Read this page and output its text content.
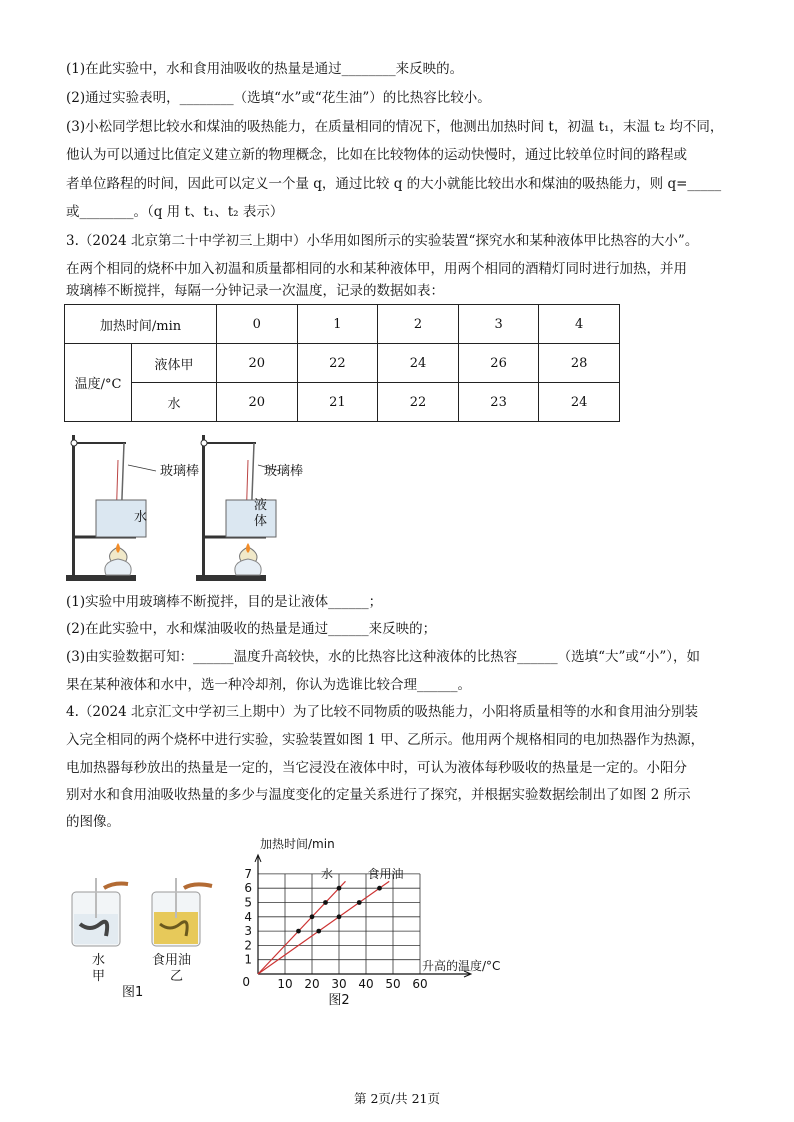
(1)在此实验中，水和食用油吸收的热量是通过________来反映的。
(2)通过实验表明，________（选填“水”或“花生油”）的比热容比较小。
(3)小松同学想比较水和煤油的吸热能力，在质量相同的情况下，他测出加热时间 t，初温 t₁，末温 t₂ 均不同，
他认为可以通过比值定义建立新的物理概念，比如在比较物体的运动快慢时，通过比较单位时间的路程或
者单位路程的时间，因此可以定义一个量 q，通过比较 q 的大小就能比较出水和煤油的吸热能力，则 q=_____
或________。（q 用 t、t₁、t₂ 表示）
3.（2024 北京第二十中学初三上期中）小华用如图所示的实验装置“探究水和某种液体甲比热容的大小”。
在两个相同的烧杯中加入初温和质量都相同的水和某种液体甲，用两个相同的酒精灯同时进行加热，并用
玻璃棒不断搅拌，每隔一分钟记录一次温度，记录的数据如表：
加热时间/min		0	1	2	3	4
温度/°C	液体甲	20	22	24	26	28
	水	20	21	22	23	24
玻璃棒
水
玻璃棒
液
体
(1)实验中用玻璃棒不断搅拌，目的是让液体______；
(2)在此实验中，水和煤油吸收的热量是通过______来反映的；
(3)由实验数据可知：______温度升高较快，水的比热容比这种液体的比热容______（选填“大”或“小”），如
果在某种液体和水中，选一种冷却剂，你认为选谁比较合理______。
4.（2024 北京汇文中学初三上期中）为了比较不同物质的吸热能力，小阳将质量相等的水和食用油分别装
入完全相同的两个烧杯中进行实验，实验装置如图 1 甲、乙所示。他用两个规格相同的电加热器作为热源，
电加热器每秒放出的热量是一定的，当它浸没在液体中时，可认为液体每秒吸收的热量是一定的。小阳分
别对水和食用油吸收热量的多少与温度变化的定量关系进行了探究，并根据实验数据绘制出了如图 2 所示
的图像。
水
甲
食用油
乙
图1
10 20 30 40 50 60
1
2
3
4
5
6
7
0
加热时间/min
升高的温度/°C
图2
水	食用油
第 2页/共 21页
